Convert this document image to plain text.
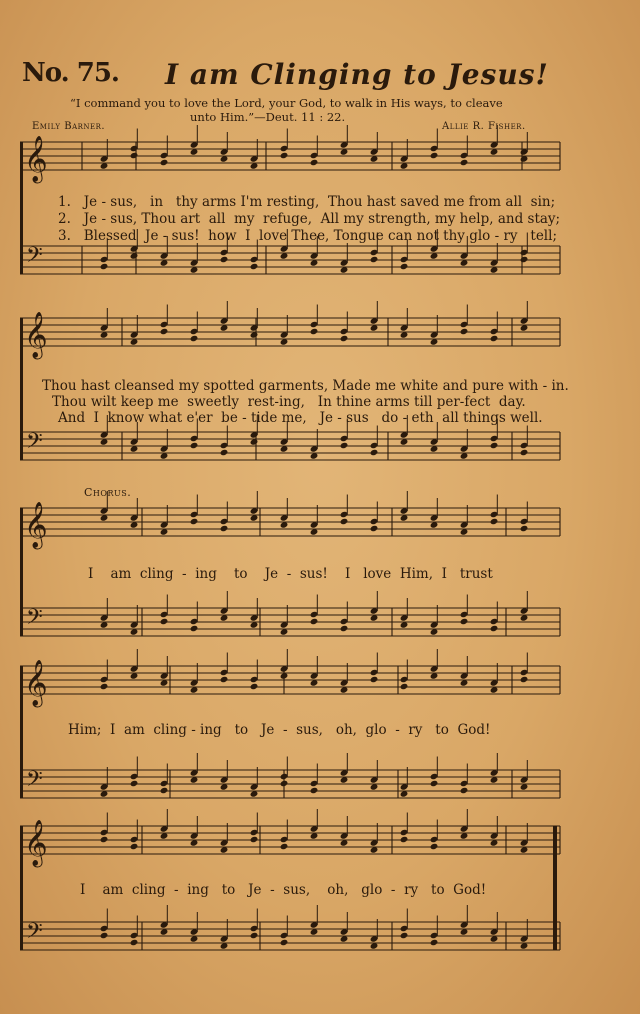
No. 75. I am Clinging to Jesus!
“I command you to love the Lord, your God, to walk in His ways, to cleave
unto Him.”—Deut. 11 : 22.
Emily Barner.	Allie R. Fisher.
𝄞
𝄢
𝄞
𝄢
𝄞
𝄢
𝄞
𝄢
𝄞
𝄢
1.   Je - sus,   in   thy arms I'm resting,  Thou hast saved me from all  sin;
2.   Je - sus, Thou art  all  my  refuge,  All my strength, my help, and stay;
3.   Blessed  Je - sus!  how  I  love Thee, Tongue can not thy glo - ry   tell;
Thou hast cleansed my spotted garments, Made me white and pure with - in.
Thou wilt keep me  sweetly  rest-ing,   In thine arms till per-fect  day.
And  I  know what e'er  be - tide me,   Je - sus   do - eth  all things well.
Chorus.
I    am  cling  -  ing    to    Je  -  sus!    I   love  Him,  I   trust
Him;  I  am  cling - ing   to   Je  -  sus,   oh,  glo  -  ry   to  God!
I    am  cling  -  ing   to   Je  -  sus,    oh,   glo  -  ry   to  God!
